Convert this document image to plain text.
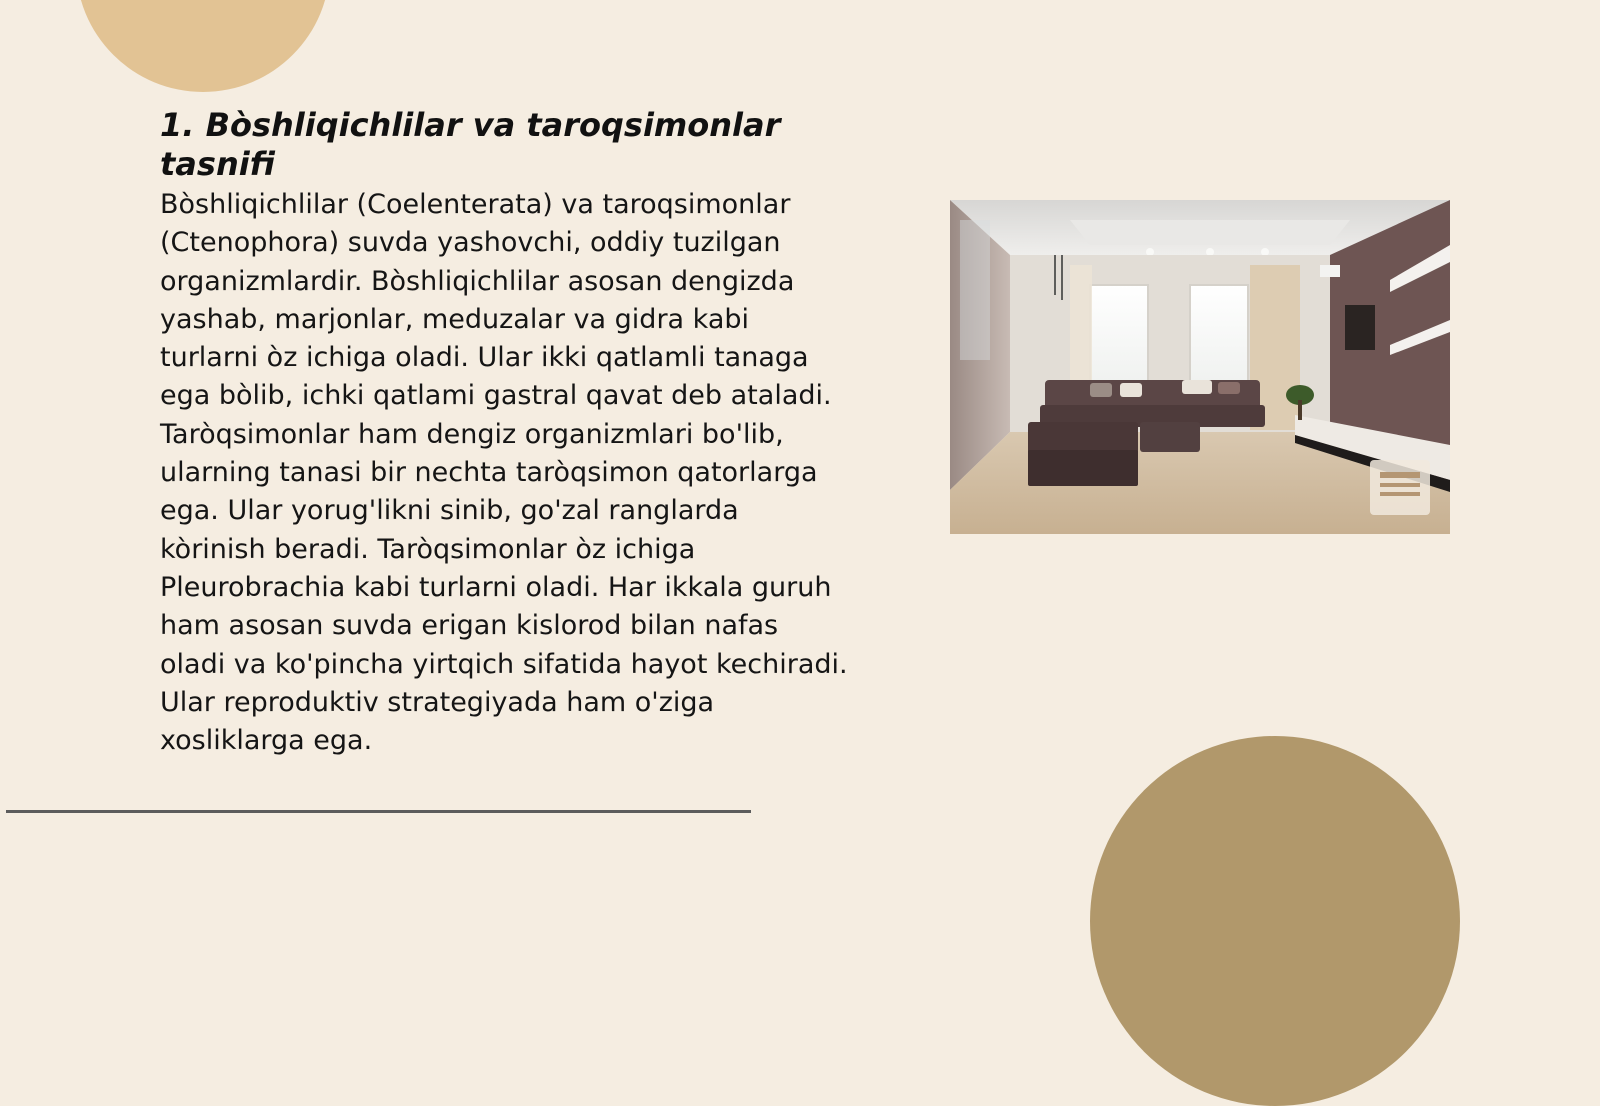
1. Bòshliqichlilar va taroqsimonlar tasnifi

Bòshliqichlilar (Coelenterata) va taroqsimonlar (Ctenophora) suvda yashovchi, oddiy tuzilgan organizmlardir. Bòshliqichlilar asosan dengizda yashab, marjonlar, meduzalar va gidra kabi turlarni òz ichiga oladi. Ular ikki qatlamli tanaga ega bòlib, ichki qatlami gastral qavat deb ataladi. Taròqsimonlar ham dengiz organizmlari bo'lib, ularning tanasi bir nechta taròqsimon qatorlarga ega. Ular yorug'likni sinib, go'zal ranglarda kòrinish beradi. Taròqsimonlar òz ichiga Pleurobrachia kabi turlarni oladi. Har ikkala guruh ham asosan suvda erigan kislorod bilan nafas oladi va ko'pincha yirtqich sifatida hayot kechiradi. Ular reproduktiv strategiyada ham o'ziga xosliklarga ega.
